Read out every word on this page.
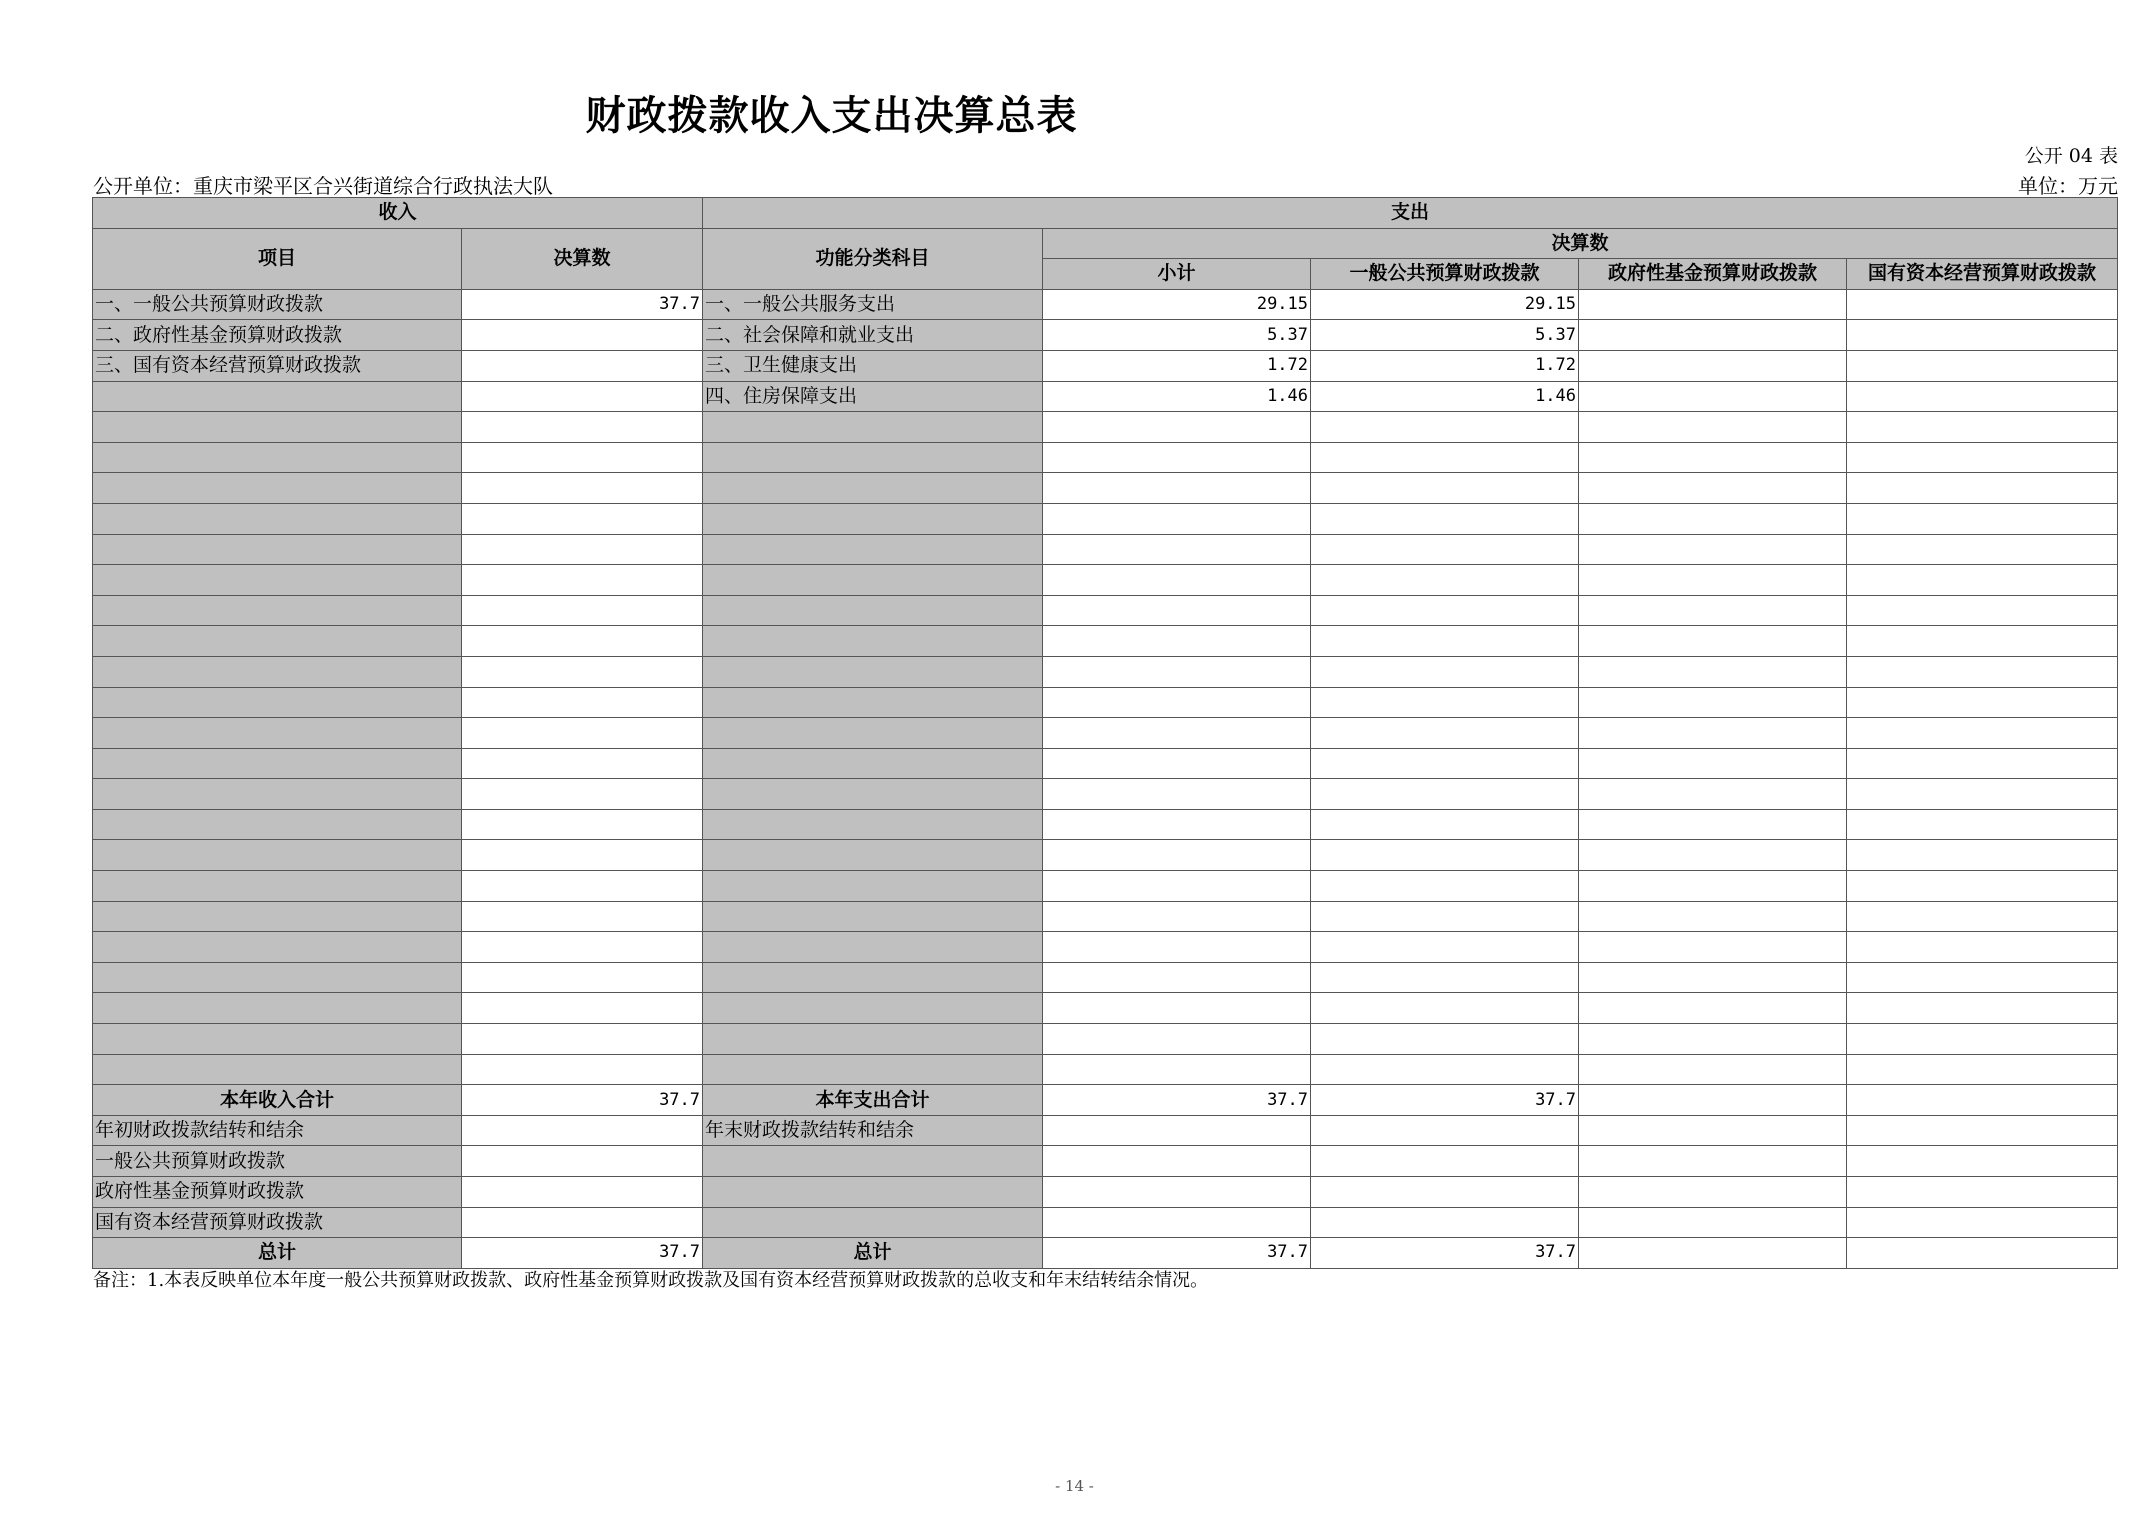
财政拨款收入支出决算总表
公开 04 表
公开单位：重庆市梁平区合兴街道综合行政执法大队	单位：万元
收入		支出				
项目	决算数	功能分类科目	决算数			
			小计	一般公共预算财政拨款	政府性基金预算财政拨款	国有资本经营预算财政拨款
一、一般公共预算财政拨款	37.7	一、一般公共服务支出	29.15	29.15		
二、政府性基金预算财政拨款		二、社会保障和就业支出	5.37	5.37		
三、国有资本经营预算财政拨款		三、卫生健康支出	1.72	1.72		
		四、住房保障支出	1.46	1.46		

本年收入合计	37.7	本年支出合计	37.7	37.7		
年初财政拨款结转和结余		年末财政拨款结转和结余				
一般公共预算财政拨款						
政府性基金预算财政拨款						
国有资本经营预算财政拨款						
总计	37.7	总计	37.7	37.7		
备注：1.本表反映单位本年度一般公共预算财政拨款、政府性基金预算财政拨款及国有资本经营预算财政拨款的总收支和年末结转结余情况。
- 14 -
